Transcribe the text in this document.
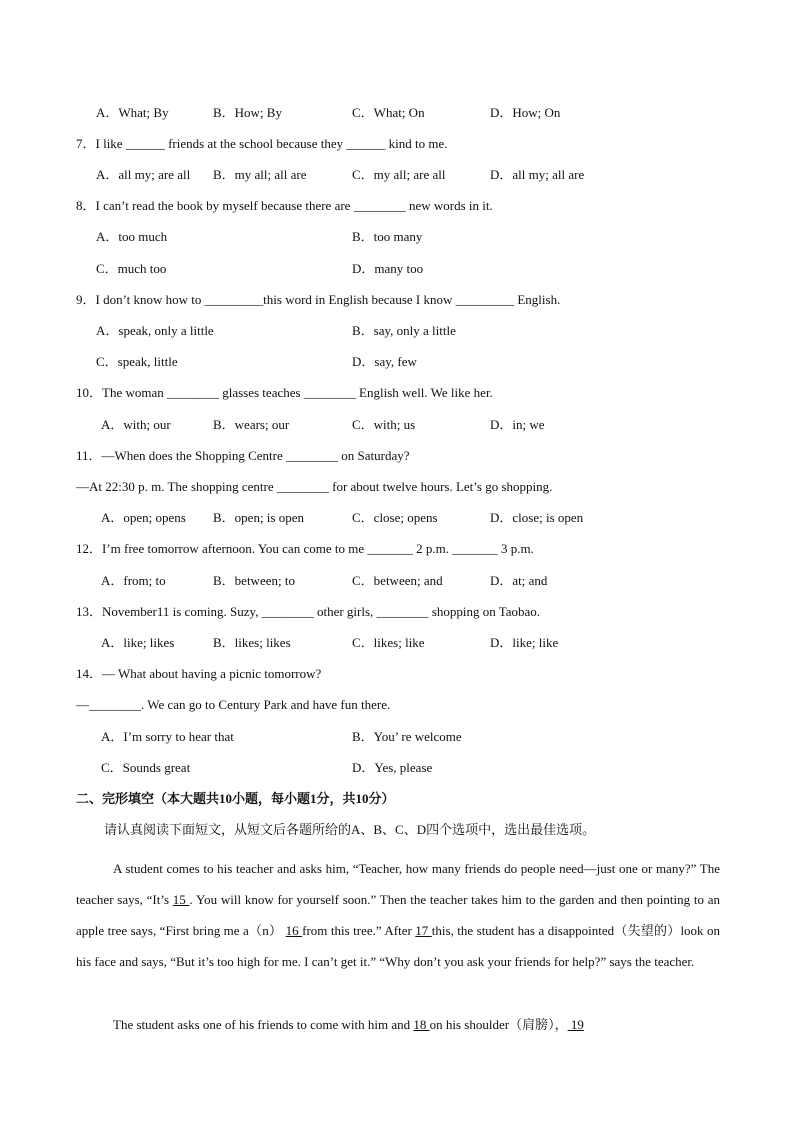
A．What; By	B．How; By	C．What; On	D．How; On
7．I like ______ friends at the school because they ______ kind to me.
A．all my; are all B．my all; all are	C．my all; are all	D．all my; all are
8．I can’t read the book by myself because there are ________ new words in it.
A．too much	B．too many
C．much too	D．many too
9．I don’t know how to _________this word in English because I know _________ English.
A．speak, only a little	B．say, only a little
C．speak, little	D．say, few
10．The woman ________ glasses teaches ________ English well. We like her.
A．with; our	B．wears; our	C．with; us	D．in; we
11．—When does the Shopping Centre ________ on Saturday?
—At 22:30 p. m. The shopping centre ________ for about twelve hours. Let’s go shopping.
A．open; opens B．open; is open	C．close; opens	D．close; is open
12．I’m free tomorrow afternoon. You can come to me _______ 2 p.m. _______ 3 p.m.
A．from; to	B．between; to	C．between; and	D．at; and
13．November11 is coming. Suzy, ________ other girls, ________ shopping on Taobao.
A．like; likes	B．likes; likes	C．likes; like	D．like; like
14．— What about having a picnic tomorrow?
—________. We can go to Century Park and have fun there.
A．I’m sorry to hear that	B．You’ re welcome
C．Sounds great	D．Yes, please
二、完形填空（本大题共10小题，每小题1分，共10分）
请认真阅读下面短文，从短文后各题所给的A、B、C、D四个选项中，选出最佳选项。
A student comes to his teacher and asks him, “Teacher, how many friends do people need—just one or many?” The teacher says, “It’s 15 . You will know for yourself soon.” Then the teacher takes him to the garden and then pointing to an apple tree says, “First bring me a（n） 16 from this tree.” After 17 this, the student has a disappointed（失望的）look on his face and says, “But it’s too high for me. I can’t get it.” “Why don’t you ask your friends for help?” says the teacher.
The student asks one of his friends to come with him and 18 on his shoulder（肩膀）， 19
